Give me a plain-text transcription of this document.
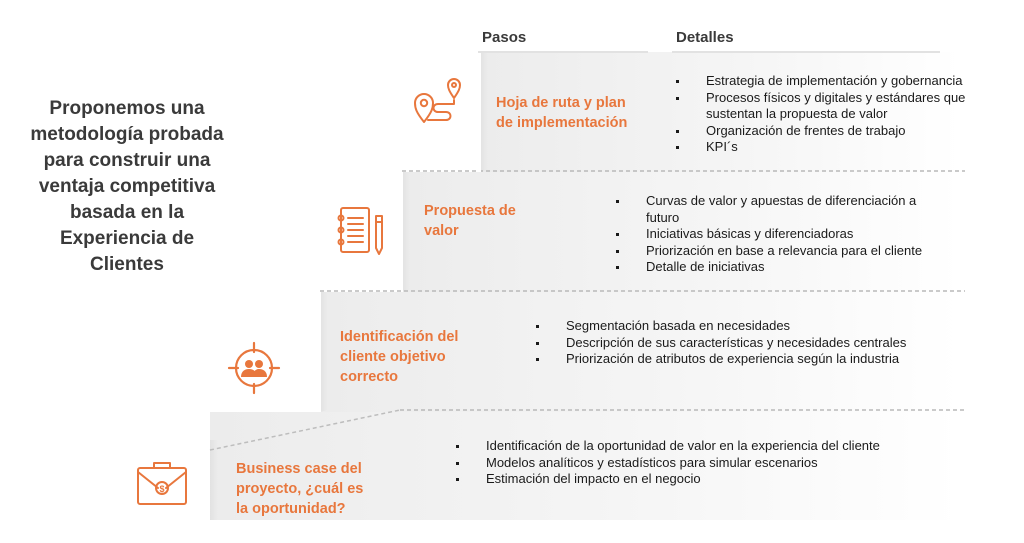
Proponemos una
metodología probada
para construir una
ventaja competitiva
basada en la
Experiencia de
Clientes
Pasos	Detalles
Hoja de ruta y plan
de implementación
Estrategia de implementación y gobernancia
Procesos físicos y digitales y estándares que
sustentan la propuesta de valor
Organización de frentes de trabajo
KPI´s
Propuesta de
valor
Curvas de valor y apuestas de diferenciación a
futuro
Iniciativas básicas y diferenciadoras
Priorización en base a relevancia para el cliente
Detalle de iniciativas
Identificación del
cliente objetivo
correcto
Segmentación basada en necesidades
Descripción de sus características y necesidades centrales
Priorización de atributos de experiencia según la industria
$
Business case del
proyecto, ¿cuál es
la oportunidad?
Identificación de la oportunidad de valor en la experiencia del cliente
Modelos analíticos y estadísticos para simular escenarios
Estimación del impacto en el negocio
